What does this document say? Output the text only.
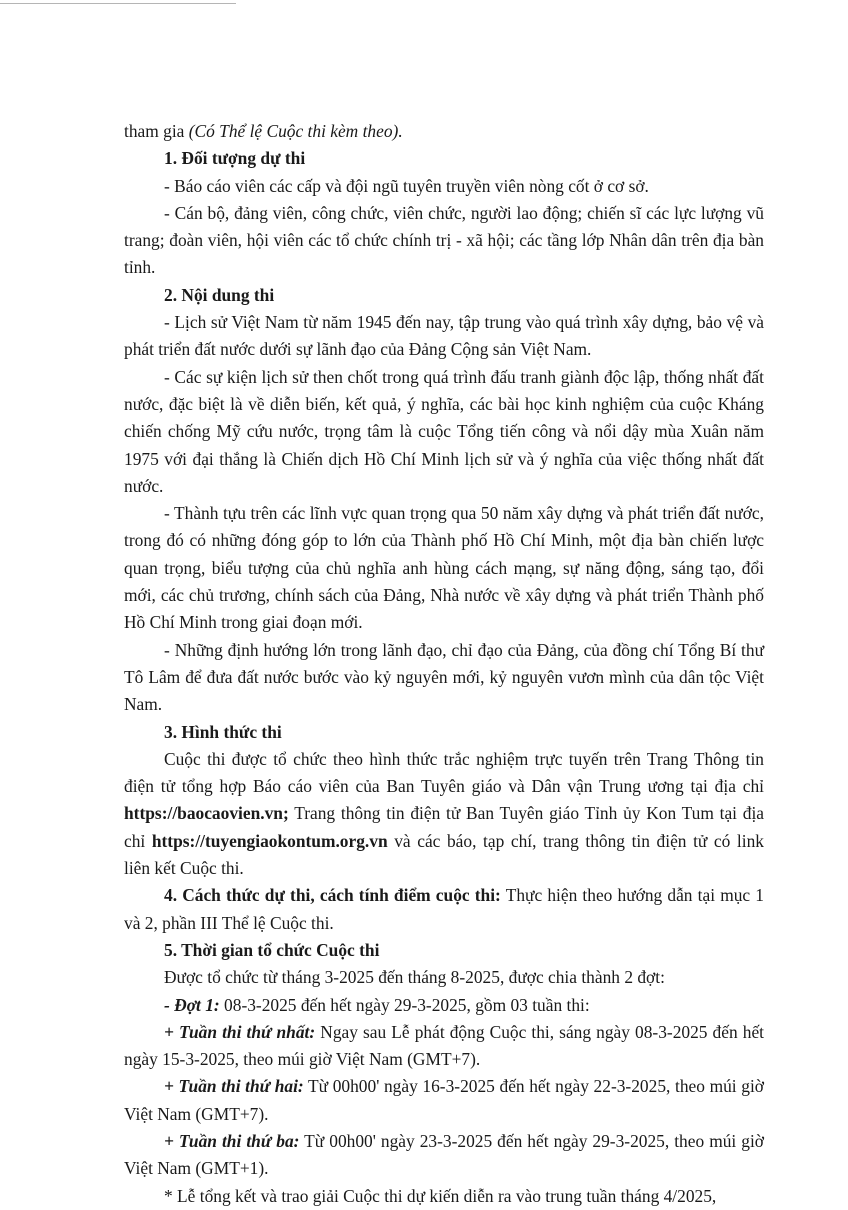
tham gia (Có Thể lệ Cuộc thi kèm theo).

1. Đối tượng dự thi

- Báo cáo viên các cấp và đội ngũ tuyên truyền viên nòng cốt ở cơ sở.

- Cán bộ, đảng viên, công chức, viên chức, người lao động; chiến sĩ các lực lượng vũ trang; đoàn viên, hội viên các tổ chức chính trị - xã hội; các tầng lớp Nhân dân trên địa bàn tỉnh.

2. Nội dung thi

- Lịch sử Việt Nam từ năm 1945 đến nay, tập trung vào quá trình xây dựng, bảo vệ và phát triển đất nước dưới sự lãnh đạo của Đảng Cộng sản Việt Nam.

- Các sự kiện lịch sử then chốt trong quá trình đấu tranh giành độc lập, thống nhất đất nước, đặc biệt là về diễn biến, kết quả, ý nghĩa, các bài học kinh nghiệm của cuộc Kháng chiến chống Mỹ cứu nước, trọng tâm là cuộc Tổng tiến công và nổi dậy mùa Xuân năm 1975 với đại thắng là Chiến dịch Hồ Chí Minh lịch sử và ý nghĩa của việc thống nhất đất nước.

- Thành tựu trên các lĩnh vực quan trọng qua 50 năm xây dựng và phát triển đất nước, trong đó có những đóng góp to lớn của Thành phố Hồ Chí Minh, một địa bàn chiến lược quan trọng, biểu tượng của chủ nghĩa anh hùng cách mạng, sự năng động, sáng tạo, đổi mới, các chủ trương, chính sách của Đảng, Nhà nước về xây dựng và phát triển Thành phố Hồ Chí Minh trong giai đoạn mới.

- Những định hướng lớn trong lãnh đạo, chỉ đạo của Đảng, của đồng chí Tổng Bí thư Tô Lâm để đưa đất nước bước vào kỷ nguyên mới, kỷ nguyên vươn mình của dân tộc Việt Nam.

3. Hình thức thi

Cuộc thi được tổ chức theo hình thức trắc nghiệm trực tuyến trên Trang Thông tin điện tử tổng hợp Báo cáo viên của Ban Tuyên giáo và Dân vận Trung ương tại địa chỉ https://baocaovien.vn; Trang thông tin điện tử Ban Tuyên giáo Tỉnh ủy Kon Tum tại địa chỉ https://tuyengiaokontum.org.vn và các báo, tạp chí, trang thông tin điện tử có link liên kết Cuộc thi.

4. Cách thức dự thi, cách tính điểm cuộc thi: Thực hiện theo hướng dẫn tại mục 1 và 2, phần III Thể lệ Cuộc thi.

5. Thời gian tổ chức Cuộc thi

Được tổ chức từ tháng 3-2025 đến tháng 8-2025, được chia thành 2 đợt:

- Đợt 1: 08-3-2025 đến hết ngày 29-3-2025, gồm 03 tuần thi:

+ Tuần thi thứ nhất: Ngay sau Lễ phát động Cuộc thi, sáng ngày 08-3-2025 đến hết ngày 15-3-2025, theo múi giờ Việt Nam (GMT+7).

+ Tuần thi thứ hai: Từ 00h00' ngày 16-3-2025 đến hết ngày 22-3-2025, theo múi giờ Việt Nam (GMT+7).

+ Tuần thi thứ ba: Từ 00h00' ngày 23-3-2025 đến hết ngày 29-3-2025, theo múi giờ Việt Nam (GMT+1).

* Lễ tổng kết và trao giải Cuộc thi dự kiến diễn ra vào trung tuần tháng 4/2025,
